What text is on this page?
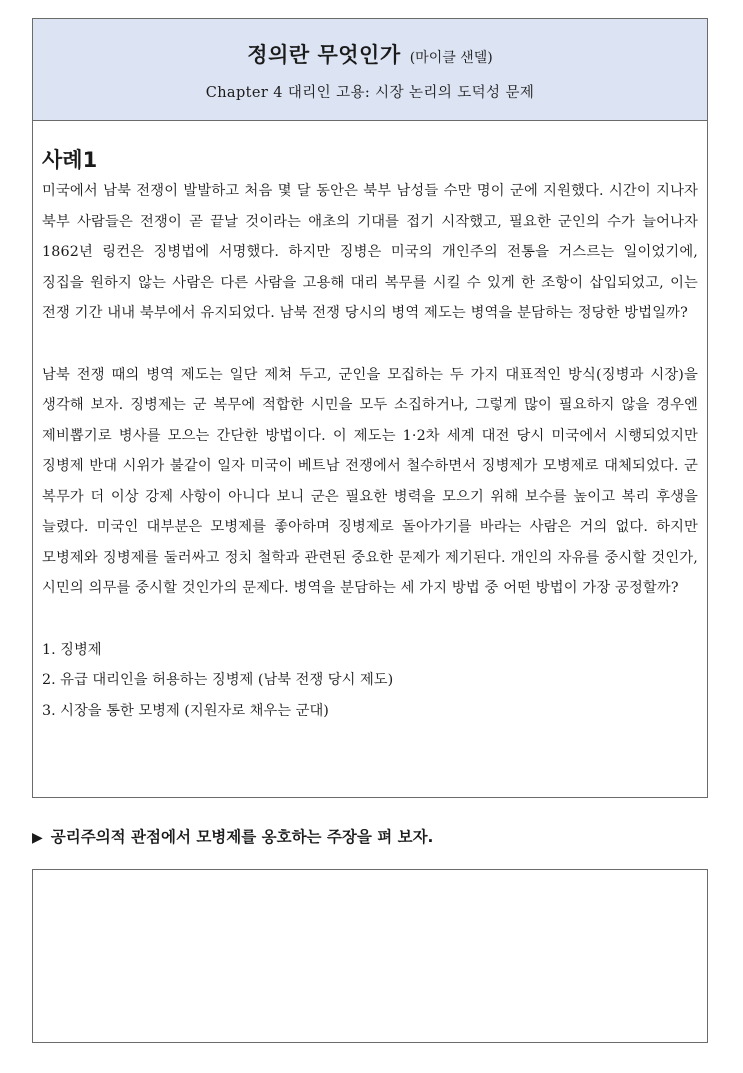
정의란 무엇인가 (마이클 샌델)
Chapter 4 대리인 고용: 시장 논리의 도덕성 문제
사례1

미국에서 남북 전쟁이 발발하고 처음 몇 달 동안은 북부 남성들 수만 명이 군에 지원했다. 시간이 지나자 북부 사람들은 전쟁이 곧 끝날 것이라는 애초의 기대를 접기 시작했고, 필요한 군인의 수가 늘어나자 1862년 링컨은 징병법에 서명했다. 하지만 징병은 미국의 개인주의 전통을 거스르는 일이었기에, 징집을 원하지 않는 사람은 다른 사람을 고용해 대리 복무를 시킬 수 있게 한 조항이 삽입되었고, 이는 전쟁 기간 내내 북부에서 유지되었다. 남북 전쟁 당시의 병역 제도는 병역을 분담하는 정당한 방법일까?

남북 전쟁 때의 병역 제도는 일단 제쳐 두고, 군인을 모집하는 두 가지 대표적인 방식(징병과 시장)을 생각해 보자. 징병제는 군 복무에 적합한 시민을 모두 소집하거나, 그렇게 많이 필요하지 않을 경우엔 제비뽑기로 병사를 모으는 간단한 방법이다. 이 제도는 1·2차 세계 대전 당시 미국에서 시행되었지만 징병제 반대 시위가 불같이 일자 미국이 베트남 전쟁에서 철수하면서 징병제가 모병제로 대체되었다. 군 복무가 더 이상 강제 사항이 아니다 보니 군은 필요한 병력을 모으기 위해 보수를 높이고 복리 후생을 늘렸다. 미국인 대부분은 모병제를 좋아하며 징병제로 돌아가기를 바라는 사람은 거의 없다. 하지만 모병제와 징병제를 둘러싸고 정치 철학과 관련된 중요한 문제가 제기된다. 개인의 자유를 중시할 것인가, 시민의 의무를 중시할 것인가의 문제다. 병역을 분담하는 세 가지 방법 중 어떤 방법이 가장 공정할까?

1. 징병제
2. 유급 대리인을 허용하는 징병제 (남북 전쟁 당시 제도)
3. 시장을 통한 모병제 (지원자로 채우는 군대)
▶ 공리주의적 관점에서 모병제를 옹호하는 주장을 펴 보자.
